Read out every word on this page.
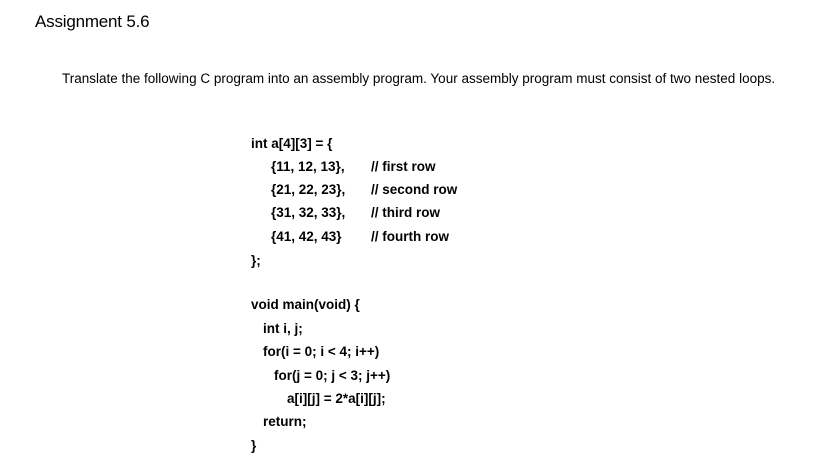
Assignment 5.6
Translate the following C program into an assembly program. Your assembly program must consist of two nested loops.

int a[4][3] = {

{11, 12, 13},

// first row

{21, 22, 23},

// second row

{31, 32, 33},

// third row

{41, 42, 43}

// fourth row

};

void main(void) {

int i, j;

for(i = 0; i < 4; i++)

for(j = 0; j < 3; j++)

a[i][j] = 2*a[i][j];

return;

}
